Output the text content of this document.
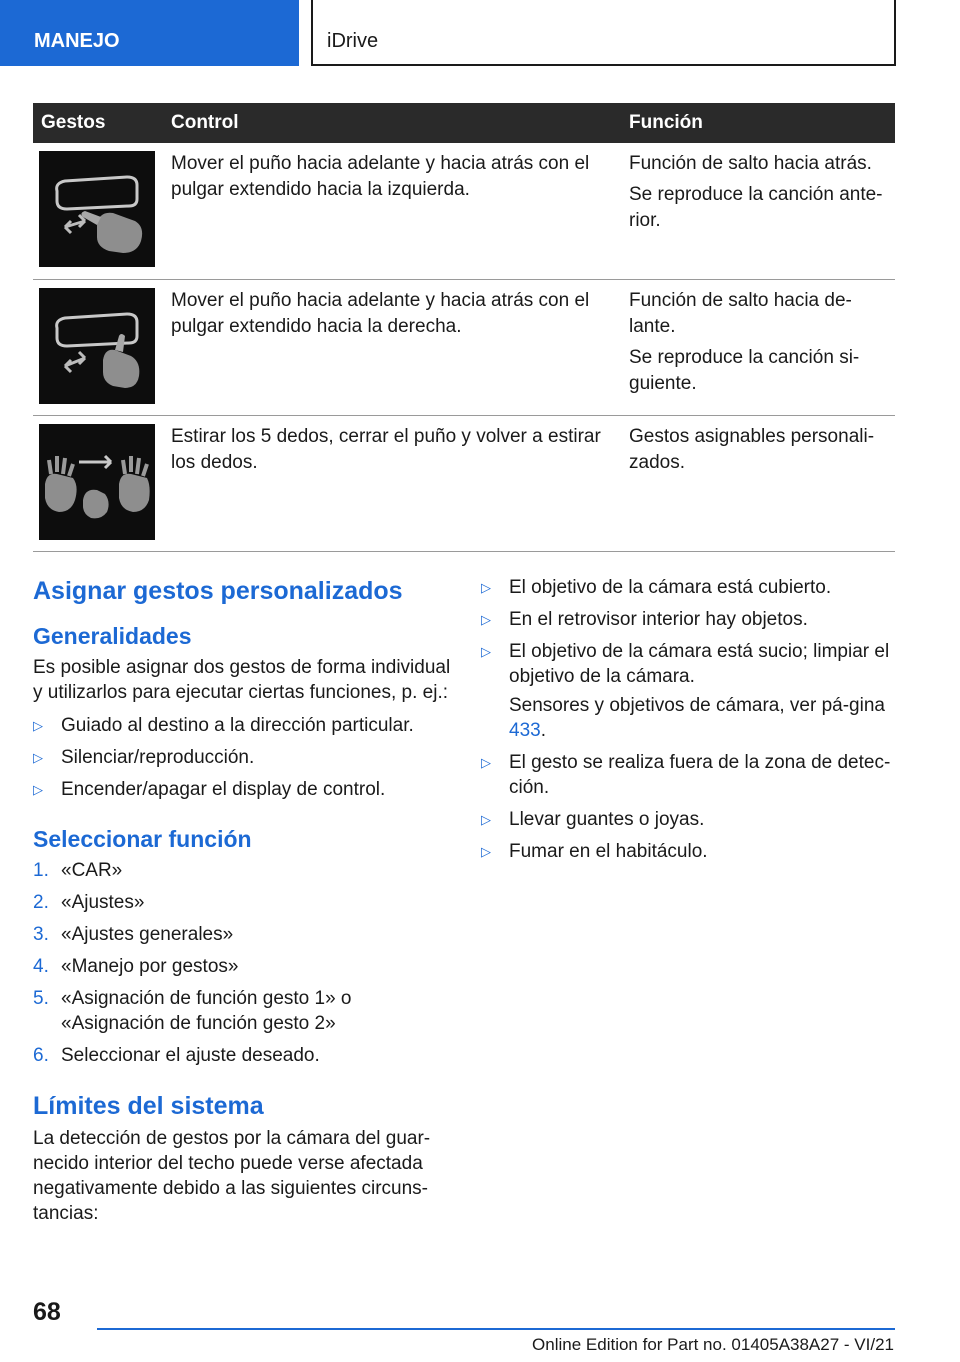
MANEJO	iDrive
Gestos	Control	Función

	Mover el puño hacia adelante y hacia atrás con el pulgar extendido hacia la izquierda.	Función de salto hacia atrás.

Se reproduce la canción ante-rior.

	Mover el puño hacia adelante y hacia atrás con el pulgar extendido hacia la derecha.	Función de salto hacia de-lante.

Se reproduce la canción si-guiente.

	Estirar los 5 dedos, cerrar el puño y volver a estirar los dedos.	Gestos asignables personali-zados.

Asignar gestos personalizados
Generalidades

Es posible asignar dos gestos de forma individual y utilizarlos para ejecutar ciertas funciones, p. ej.:

▷ Guiado al destino a la dirección particular.
▷ Silenciar/reproducción.
▷ Encender/apagar el display de control.
Seleccionar función
1. «CAR»
2. «Ajustes»
3. «Ajustes generales»
4. «Manejo por gestos»
5. «Asignación de función gesto 1» o «Asignación de función gesto 2»
6. Seleccionar el ajuste deseado.
Límites del sistema

La detección de gestos por la cámara del guar-necido interior del techo puede verse afectada negativamente debido a las siguientes circuns-tancias:

▷ El objetivo de la cámara está cubierto.
▷ En el retrovisor interior hay objetos.
▷ El objetivo de la cámara está sucio; limpiar el objetivo de la cámara.
Sensores y objetivos de cámara, ver pá-gina 433.
▷ El gesto se realiza fuera de la zona de detec-ción.
▷ Llevar guantes o joyas.
▷ Fumar en el habitáculo.
68
Online Edition for Part no. 01405A38A27 - VI/21
